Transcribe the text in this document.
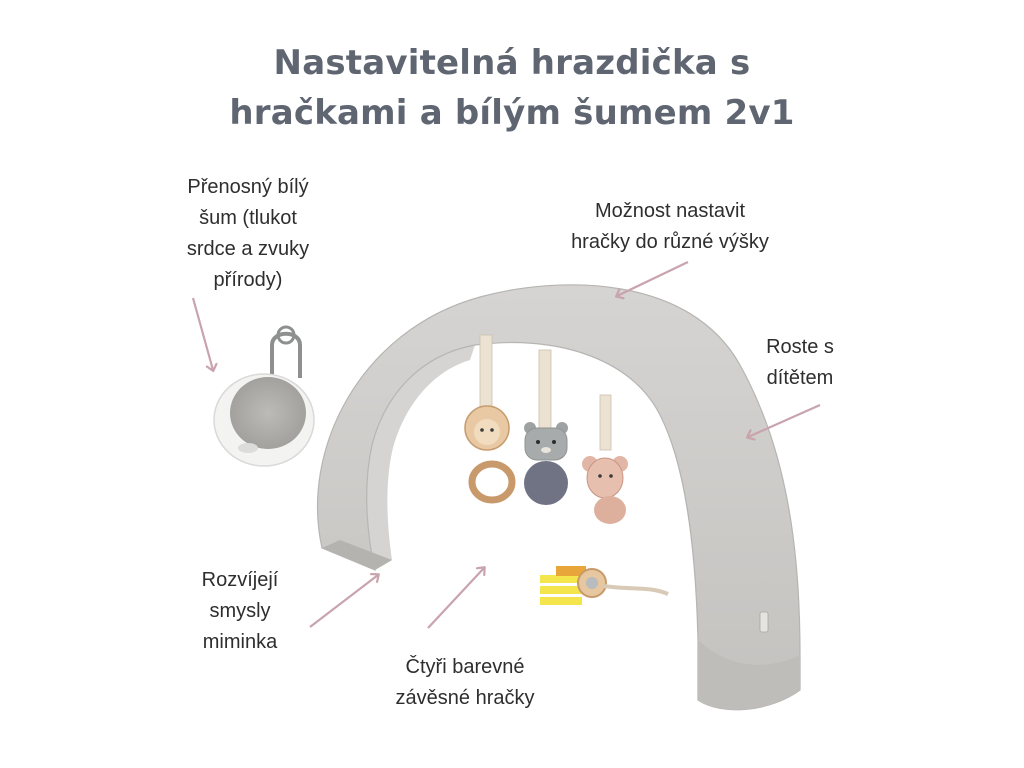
Nastavitelná hrazdička s
hračkami a bílým šumem 2v1
Přenosný bílý
šum (tlukot
srdce a zvuky
přírody)
Možnost nastavit
hračky do různé výšky
Roste s
dítětem
Rozvíjejí
smysly
miminka
Čtyři barevné
závěsné hračky
